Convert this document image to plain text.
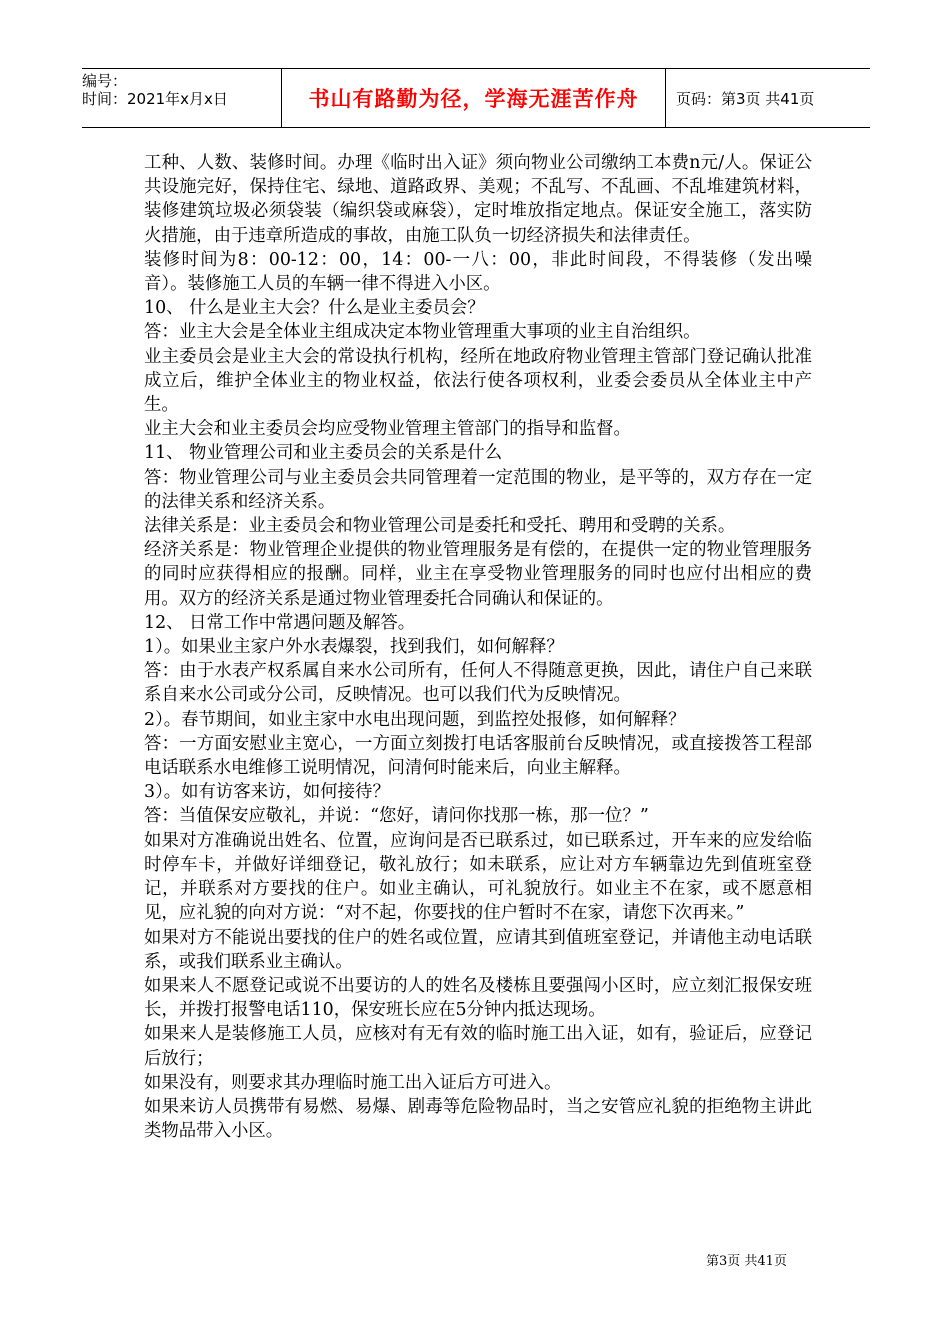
编号：
时间：2021年x月x日	书山有路勤为径，学海无涯苦作舟	页码：第3页 共41页

工种、人数、装修时间。办理《临时出入证》须向物业公司缴纳工本费n元/人。保证公共设施完好，保持住宅、绿地、道路政界、美观；不乱写、不乱画、不乱堆建筑材料，装修建筑垃圾必须袋装（编织袋或麻袋），定时堆放指定地点。保证安全施工，落实防火措施，由于违章所造成的事故，由施工队负一切经济损失和法律责任。

装修时间为8：00-12：00，14：00-一八：00，非此时间段，不得装修（发出噪音）。装修施工人员的车辆一律不得进入小区。

10、 什么是业主大会？什么是业主委员会？

答：业主大会是全体业主组成决定本物业管理重大事项的业主自治组织。

业主委员会是业主大会的常设执行机构，经所在地政府物业管理主管部门登记确认批准成立后，维护全体业主的物业权益，依法行使各项权利，业委会委员从全体业主中产生。

业主大会和业主委员会均应受物业管理主管部门的指导和监督。

11、 物业管理公司和业主委员会的关系是什么

答：物业管理公司与业主委员会共同管理着一定范围的物业，是平等的，双方存在一定的法律关系和经济关系。

法律关系是：业主委员会和物业管理公司是委托和受托、聘用和受聘的关系。

经济关系是：物业管理企业提供的物业管理服务是有偿的，在提供一定的物业管理服务的同时应获得相应的报酬。同样，业主在享受物业管理服务的同时也应付出相应的费用。双方的经济关系是通过物业管理委托合同确认和保证的。

12、 日常工作中常遇问题及解答。

1）。如果业主家户外水表爆裂，找到我们，如何解释？

答：由于水表产权系属自来水公司所有，任何人不得随意更换，因此，请住户自己来联系自来水公司或分公司，反映情况。也可以我们代为反映情况。

2）。春节期间，如业主家中水电出现问题，到监控处报修，如何解释？

答：一方面安慰业主宽心，一方面立刻拨打电话客服前台反映情况，或直接拨答工程部电话联系水电维修工说明情况，问清何时能来后，向业主解释。

3）。如有访客来访，如何接待？

答：当值保安应敬礼，并说：“您好，请问你找那一栋，那一位？”

如果对方准确说出姓名、位置，应询问是否已联系过，如已联系过，开车来的应发给临时停车卡，并做好详细登记，敬礼放行；如未联系，应让对方车辆靠边先到值班室登记，并联系对方要找的住户。如业主确认，可礼貌放行。如业主不在家，或不愿意相见，应礼貌的向对方说：“对不起，你要找的住户暂时不在家，请您下次再来。”

如果对方不能说出要找的住户的姓名或位置，应请其到值班室登记，并请他主动电话联系，或我们联系业主确认。

如果来人不愿登记或说不出要访的人的姓名及楼栋且要强闯小区时，应立刻汇报保安班长，并拨打报警电话110，保安班长应在5分钟内抵达现场。

如果来人是装修施工人员，应核对有无有效的临时施工出入证，如有，验证后，应登记后放行；

如果没有，则要求其办理临时施工出入证后方可进入。

如果来访人员携带有易燃、易爆、剧毒等危险物品时，当之安管应礼貌的拒绝物主讲此类物品带入小区。

第3页 共41页
